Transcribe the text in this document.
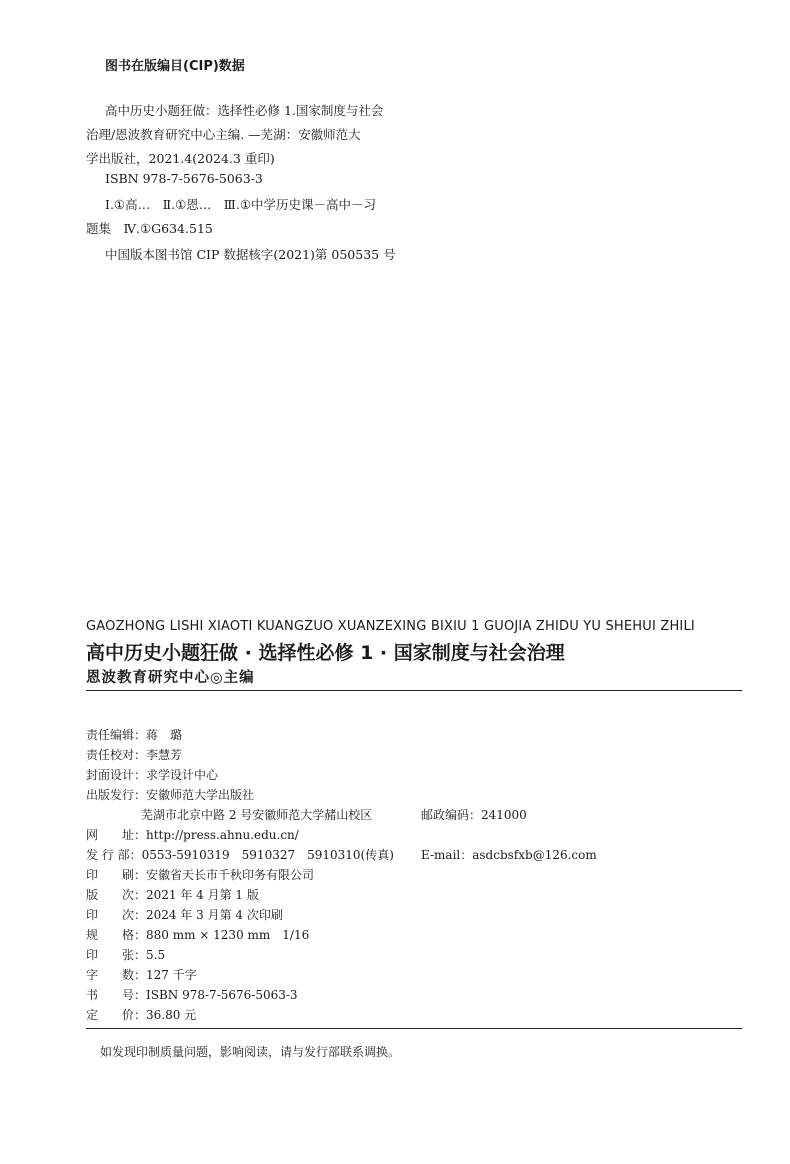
图书在版编目(CIP)数据
高中历史小题狂做：选择性必修 1.国家制度与社会
治理/恩波教育研究中心主编. —芜湖：安徽师范大
学出版社，2021.4(2024.3 重印)
ISBN 978-7-5676-5063-3
Ⅰ.①高…　Ⅱ.①恩…　Ⅲ.①中学历史课－高中－习
题集　Ⅳ.①G634.515
中国版本图书馆 CIP 数据核字(2021)第 050535 号
GAOZHONG LISHI XIAOTI KUANGZUO XUANZEXING BIXIU 1 GUOJIA ZHIDU YU SHEHUI ZHILI
高中历史小题狂做 · 选择性必修 1 · 国家制度与社会治理
恩波教育研究中心◎主编
责任编辑：蒋　璐
责任校对：李慧芳
封面设计：求学设计中心
出版发行：安徽师范大学出版社
芜湖市北京中路 2 号安徽师范大学赭山校区	邮政编码：241000
网　　址：http://press.ahnu.edu.cn/
发 行 部：0553-5910319　5910327　5910310(传真) E-mail：asdcbsfxb@126.com
印　　刷：安徽省天长市千秋印务有限公司
版　　次：2021 年 4 月第 1 版
印　　次：2024 年 3 月第 4 次印刷
规　　格：880 mm × 1230 mm　1/16
印　　张：5.5
字　　数：127 千字
书　　号：ISBN 978-7-5676-5063-3
定　　价：36.80 元
如发现印制质量问题，影响阅读，请与发行部联系调换。
